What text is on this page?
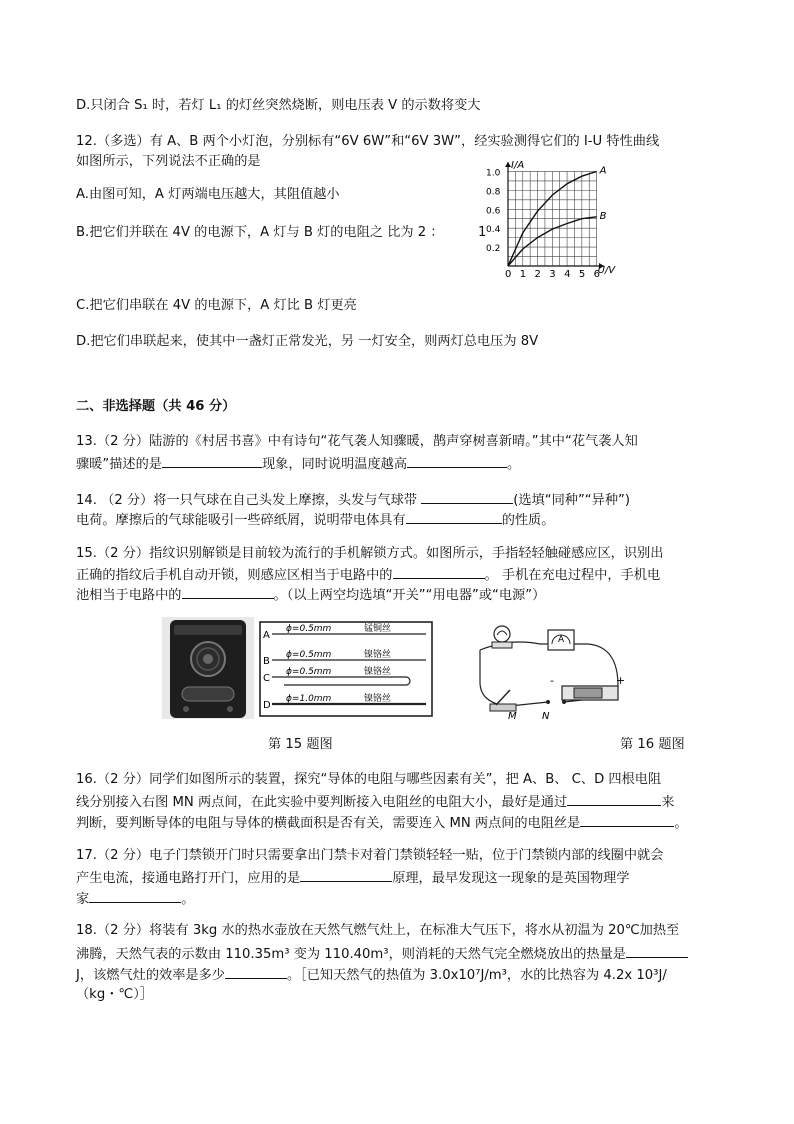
D.只闭合 S₁ 时，若灯 L₁ 的灯丝突然烧断，则电压表 V 的示数将变大
12.（多选）有 A、B 两个小灯泡，分别标有“6V 6W”和“6V 3W”，经实验测得它们的 I-U 特性曲线
如图所示，下列说法不正确的是
A.由图可知，A 灯两端电压越大，其阻值越小
B.把它们并联在 4V 的电源下，A 灯与 B 灯的电阻之 比为 2 ：	1
C.把它们串联在 4V 的电源下，A 灯比 B 灯更亮
D.把它们串联起来，使其中一盏灯正常发光，另 一灯安全，则两灯总电压为 8V
0 1 2 3 4 5 6
0.2
0.4
0.6
0.8
1.0	A
B
I/A
U/V
二、非选择题（共 46 分）
13.（2 分）陆游的《村居书喜》中有诗句“花气袭人知骤暖，鹊声穿树喜新晴。”其中“花气袭人知
骤暖”描述的是	现象，同时说明温度越高	。
14. （2 分）将一只气球在自己头发上摩擦，头发与气球带	(选填“同种”“异种”)
电荷。摩擦后的气球能吸引一些碎纸屑，说明带电体具有	的性质。
15.（2 分）指纹识别解锁是目前较为流行的手机解锁方式。如图所示，手指轻轻触碰感应区，识别出
正确的指纹后手机自动开锁，则感应区相当于电路中的	。 手机在充电过程中，手机电
池相当于电路中的	。（以上两空均选填“开关”“用电器”或“电源”）
A
ϕ=0.5mm	锰铜丝
B
ϕ=0.5mm	镍铬丝
C
ϕ=0.5mm	镍铬丝
D
ϕ=1.0mm	镍铬丝
A
-	+
M	N
第 15 题图	第 16 题图
16.（2 分）同学们如图所示的装置，探究“导体的电阻与哪些因素有关”，把 A、B、 C、D 四根电阻
线分别接入右图 MN 两点间，在此实验中要判断接入电阻丝的电阻大小，最好是通过	来
判断，要判断导体的电阻与导体的横截面积是否有关，需要连入 MN 两点间的电阻丝是	。
17.（2 分）电子门禁锁开门时只需要拿出门禁卡对着门禁锁轻轻一贴，位于门禁锁内部的线圈中就会
产生电流，接通电路打开门，应用的是	原理，最早发现这一现象的是英国物理学
家	。
18.（2 分）将装有 3kg 水的热水壶放在天然气燃气灶上，在标准大气压下，将水从初温为 20℃加热至
沸腾，天然气表的示数由 110.35m³ 变为 110.40m³，则消耗的天然气完全燃烧放出的热量是
J，该燃气灶的效率是多少	。［已知天然气的热值为 3.0x10⁷J/m³，水的比热容为 4.2x 10³J/
（kg・℃）］
